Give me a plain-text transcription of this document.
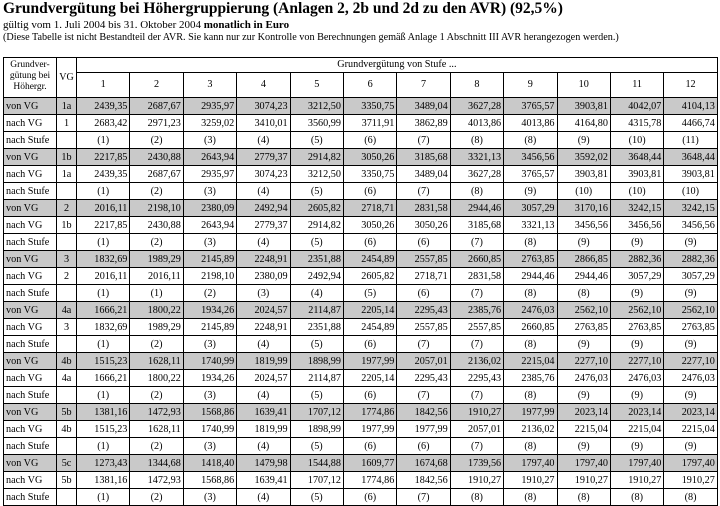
Grundvergütung bei Höhergruppierung (Anlagen 2, 2b und 2d zu den AVR) (92,5%)
gültig vom 1. Juli 2004 bis 31. Oktober 2004 monatlich in Euro
(Diese Tabelle ist nicht Bestandteil der AVR. Sie kann nur zur Kontrolle von Berechnungen gemäß Anlage 1 Abschnitt III AVR herangezogen werden.)
Grundver-
gütung bei
Höhergr.	VG	Grundvergütung von Stufe ...											
		1	2	3	4	5	6	7	8	9	10	11	12
von VG	1a	2439,35	2687,67	2935,97	3074,23	3212,50	3350,75	3489,04	3627,28	3765,57	3903,81	4042,07	4104,13
nach VG	1	2683,42	2971,23	3259,02	3410,01	3560,99	3711,91	3862,89	4013,86	4013,86	4164,80	4315,78	4466,74
nach Stufe		(1)	(2)	(3)	(4)	(5)	(6)	(7)	(8)	(8)	(9)	(10)	(11)
von VG	1b	2217,85	2430,88	2643,94	2779,37	2914,82	3050,26	3185,68	3321,13	3456,56	3592,02	3648,44	3648,44
nach VG	1a	2439,35	2687,67	2935,97	3074,23	3212,50	3350,75	3489,04	3627,28	3765,57	3903,81	3903,81	3903,81
nach Stufe		(1)	(2)	(3)	(4)	(5)	(6)	(7)	(8)	(9)	(10)	(10)	(10)
von VG	2	2016,11	2198,10	2380,09	2492,94	2605,82	2718,71	2831,58	2944,46	3057,29	3170,16	3242,15	3242,15
nach VG	1b	2217,85	2430,88	2643,94	2779,37	2914,82	3050,26	3050,26	3185,68	3321,13	3456,56	3456,56	3456,56
nach Stufe		(1)	(2)	(3)	(4)	(5)	(6)	(6)	(7)	(8)	(9)	(9)	(9)
von VG	3	1832,69	1989,29	2145,89	2248,91	2351,88	2454,89	2557,85	2660,85	2763,85	2866,85	2882,36	2882,36
nach VG	2	2016,11	2016,11	2198,10	2380,09	2492,94	2605,82	2718,71	2831,58	2944,46	2944,46	3057,29	3057,29
nach Stufe		(1)	(1)	(2)	(3)	(4)	(5)	(6)	(7)	(8)	(8)	(9)	(9)
von VG	4a	1666,21	1800,22	1934,26	2024,57	2114,87	2205,14	2295,43	2385,76	2476,03	2562,10	2562,10	2562,10
nach VG	3	1832,69	1989,29	2145,89	2248,91	2351,88	2454,89	2557,85	2557,85	2660,85	2763,85	2763,85	2763,85
nach Stufe		(1)	(2)	(3)	(4)	(5)	(6)	(7)	(7)	(8)	(9)	(9)	(9)
von VG	4b	1515,23	1628,11	1740,99	1819,99	1898,99	1977,99	2057,01	2136,02	2215,04	2277,10	2277,10	2277,10
nach VG	4a	1666,21	1800,22	1934,26	2024,57	2114,87	2205,14	2295,43	2295,43	2385,76	2476,03	2476,03	2476,03
nach Stufe		(1)	(2)	(3)	(4)	(5)	(6)	(7)	(7)	(8)	(9)	(9)	(9)
von VG	5b	1381,16	1472,93	1568,86	1639,41	1707,12	1774,86	1842,56	1910,27	1977,99	2023,14	2023,14	2023,14
nach VG	4b	1515,23	1628,11	1740,99	1819,99	1898,99	1977,99	1977,99	2057,01	2136,02	2215,04	2215,04	2215,04
nach Stufe		(1)	(2)	(3)	(4)	(5)	(6)	(6)	(7)	(8)	(9)	(9)	(9)
von VG	5c	1273,43	1344,68	1418,40	1479,98	1544,88	1609,77	1674,68	1739,56	1797,40	1797,40	1797,40	1797,40
nach VG	5b	1381,16	1472,93	1568,86	1639,41	1707,12	1774,86	1842,56	1910,27	1910,27	1910,27	1910,27	1910,27
nach Stufe		(1)	(2)	(3)	(4)	(5)	(6)	(7)	(8)	(8)	(8)	(8)	(8)
